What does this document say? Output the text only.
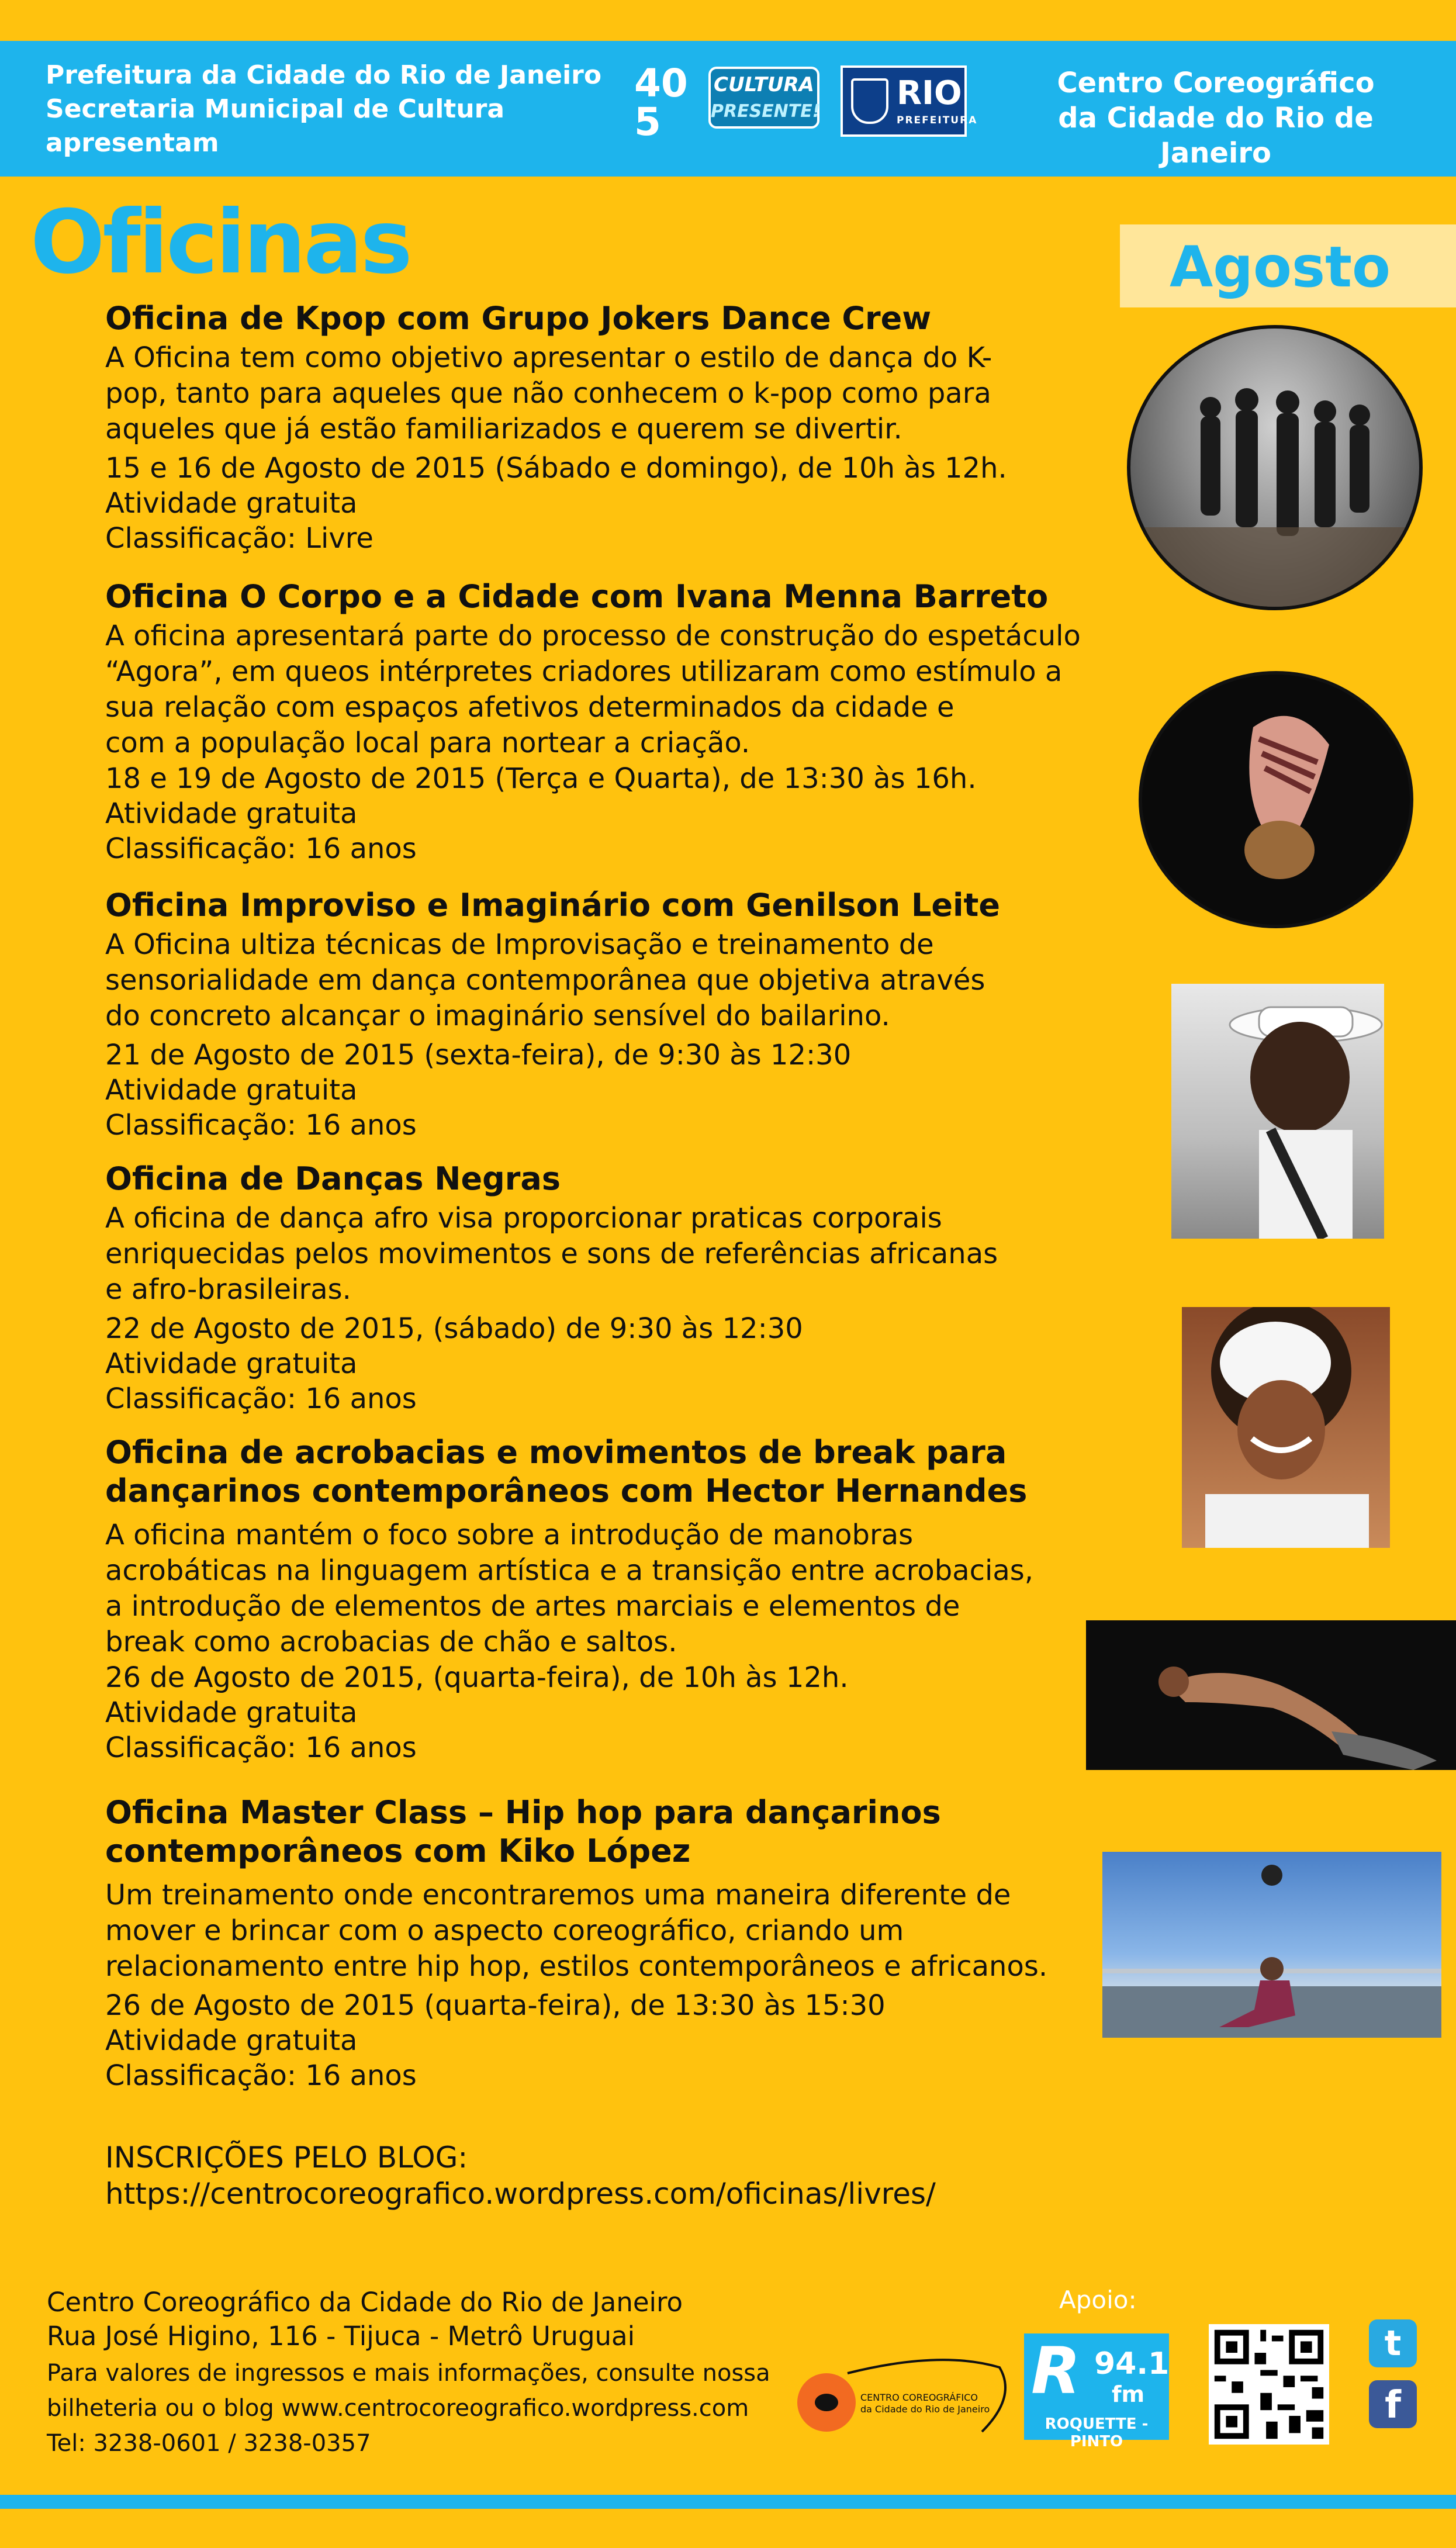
Prefeitura da Cidade do Rio de Janeiro
Secretaria Municipal de Cultura
apresentam
40
5
CULTURA
PRESENTE! RIO
PREFEITURA
Centro Coreográfico
da Cidade do Rio de Janeiro
Oficinas	Agosto
Oficina de Kpop com Grupo Jokers Dance Crew
A Oficina tem como objetivo apresentar o estilo de dança do K-
pop, tanto para aqueles que não conhecem o k-pop como para
aqueles que já estão familiarizados e querem se divertir.
15 e 16 de Agosto de 2015 (Sábado e domingo), de 10h às 12h.
Atividade gratuita
Classificação: Livre
Oficina O Corpo e a Cidade com Ivana Menna Barreto
A oficina apresentará parte do processo de construção do espetáculo
“Agora”, em queos intérpretes criadores utilizaram como estímulo a
sua relação com espaços afetivos determinados da cidade e
com a população local para nortear a criação.
18 e 19 de Agosto de 2015 (Terça e Quarta), de 13:30 às 16h.
Atividade gratuita
Classificação: 16 anos
Oficina Improviso e Imaginário com Genilson Leite
A Oficina ultiza técnicas de Improvisação e treinamento de
sensorialidade em dança contemporânea que objetiva através
do concreto alcançar o imaginário sensível do bailarino.
21 de Agosto de 2015 (sexta-feira), de 9:30 às 12:30
Atividade gratuita
Classificação: 16 anos
Oficina de Danças Negras
A oficina de dança afro visa proporcionar praticas corporais
enriquecidas pelos movimentos e sons de referências africanas
e afro-brasileiras.
22 de Agosto de 2015, (sábado) de 9:30 às 12:30
Atividade gratuita
Classificação: 16 anos
Oficina de acrobacias e movimentos de break para
dançarinos contemporâneos com Hector Hernandes
A oficina mantém o foco sobre a introdução de manobras
acrobáticas na linguagem artística e a transição entre acrobacias,
a introdução de elementos de artes marciais e elementos de
break como acrobacias de chão e saltos.
26 de Agosto de 2015, (quarta-feira), de 10h às 12h.
Atividade gratuita
Classificação: 16 anos
Oficina Master Class – Hip hop para dançarinos
contemporâneos com Kiko López
Um treinamento onde encontraremos uma maneira diferente de
mover e brincar com o aspecto coreográfico, criando um
relacionamento entre hip hop, estilos contemporâneos e africanos.
26 de Agosto de 2015 (quarta-feira), de 13:30 às 15:30
Atividade gratuita
Classificação: 16 anos
INSCRIÇÕES PELO BLOG:
https://centrocoreografico.wordpress.com/oficinas/livres/
Centro Coreográfico da Cidade do Rio de Janeiro
Rua José Higino, 116 - Tijuca - Metrô Uruguai
Para valores de ingressos e mais informações, consulte nossa
bilheteria ou o blog www.centrocoreografico.wordpress.com
Tel: 3238-0601 / 3238-0357
Apoio:
CENTRO COREOGRÁFICO
da Cidade do Rio de Janeiro
R 94.1
fm
ROQUETTE - PINTO
t
f
